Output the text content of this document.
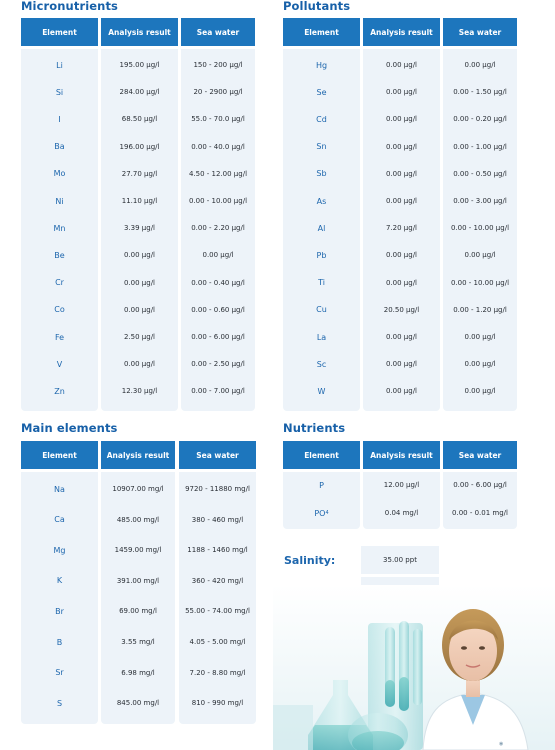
Micronutrients	Pollutants
Main elements	Nutrients
Element	Analysis result	Sea water
Li	195.00 µg/l	150 - 200 µg/l
Si	284.00 µg/l	20 - 2900 µg/l
I	68.50 µg/l	55.0 - 70.0 µg/l
Ba	196.00 µg/l	0.00 - 40.0 µg/l
Mo	27.70 µg/l	4.50 - 12.00 µg/l
Ni	11.10 µg/l	0.00 - 10.00 µg/l
Mn	3.39 µg/l	0.00 - 2.20 µg/l
Be	0.00 µg/l	0.00 µg/l
Cr	0.00 µg/l	0.00 - 0.40 µg/l
Co	0.00 µg/l	0.00 - 0.60 µg/l
Fe	2.50 µg/l	0.00 - 6.00 µg/l
V	0.00 µg/l	0.00 - 2.50 µg/l
Zn	12.30 µg/l	0.00 - 7.00 µg/l
Element	Analysis result	Sea water
Hg	0.00 µg/l	0.00 µg/l
Se	0.00 µg/l	0.00 - 1.50 µg/l
Cd	0.00 µg/l	0.00 - 0.20 µg/l
Sn	0.00 µg/l	0.00 - 1.00 µg/l
Sb	0.00 µg/l	0.00 - 0.50 µg/l
As	0.00 µg/l	0.00 - 3.00 µg/l
Al	7.20 µg/l	0.00 - 10.00 µg/l
Pb	0.00 µg/l	0.00 µg/l
Ti	0.00 µg/l	0.00 - 10.00 µg/l
Cu	20.50 µg/l	0.00 - 1.20 µg/l
La	0.00 µg/l	0.00 µg/l
Sc	0.00 µg/l	0.00 µg/l
W	0.00 µg/l	0.00 µg/l
Element	Analysis result	Sea water
Na	10907.00 mg/l	9720 - 11880 mg/l
Ca	485.00 mg/l	380 - 460 mg/l
Mg	1459.00 mg/l	1188 - 1460 mg/l
K	391.00 mg/l	360 - 420 mg/l
Br	69.00 mg/l	55.00 - 74.00 mg/l
B	3.55 mg/l	4.05 - 5.00 mg/l
Sr	6.98 mg/l	7.20 - 8.80 mg/l
S	845.00 mg/l	810 - 990 mg/l
Element	Analysis result	Sea water
P	12.00 µg/l	0.00 - 6.00 µg/l
PO 4	0.04 mg/l	0.00 - 0.01 mg/l
Salinity:	35.00 ppt
◉
